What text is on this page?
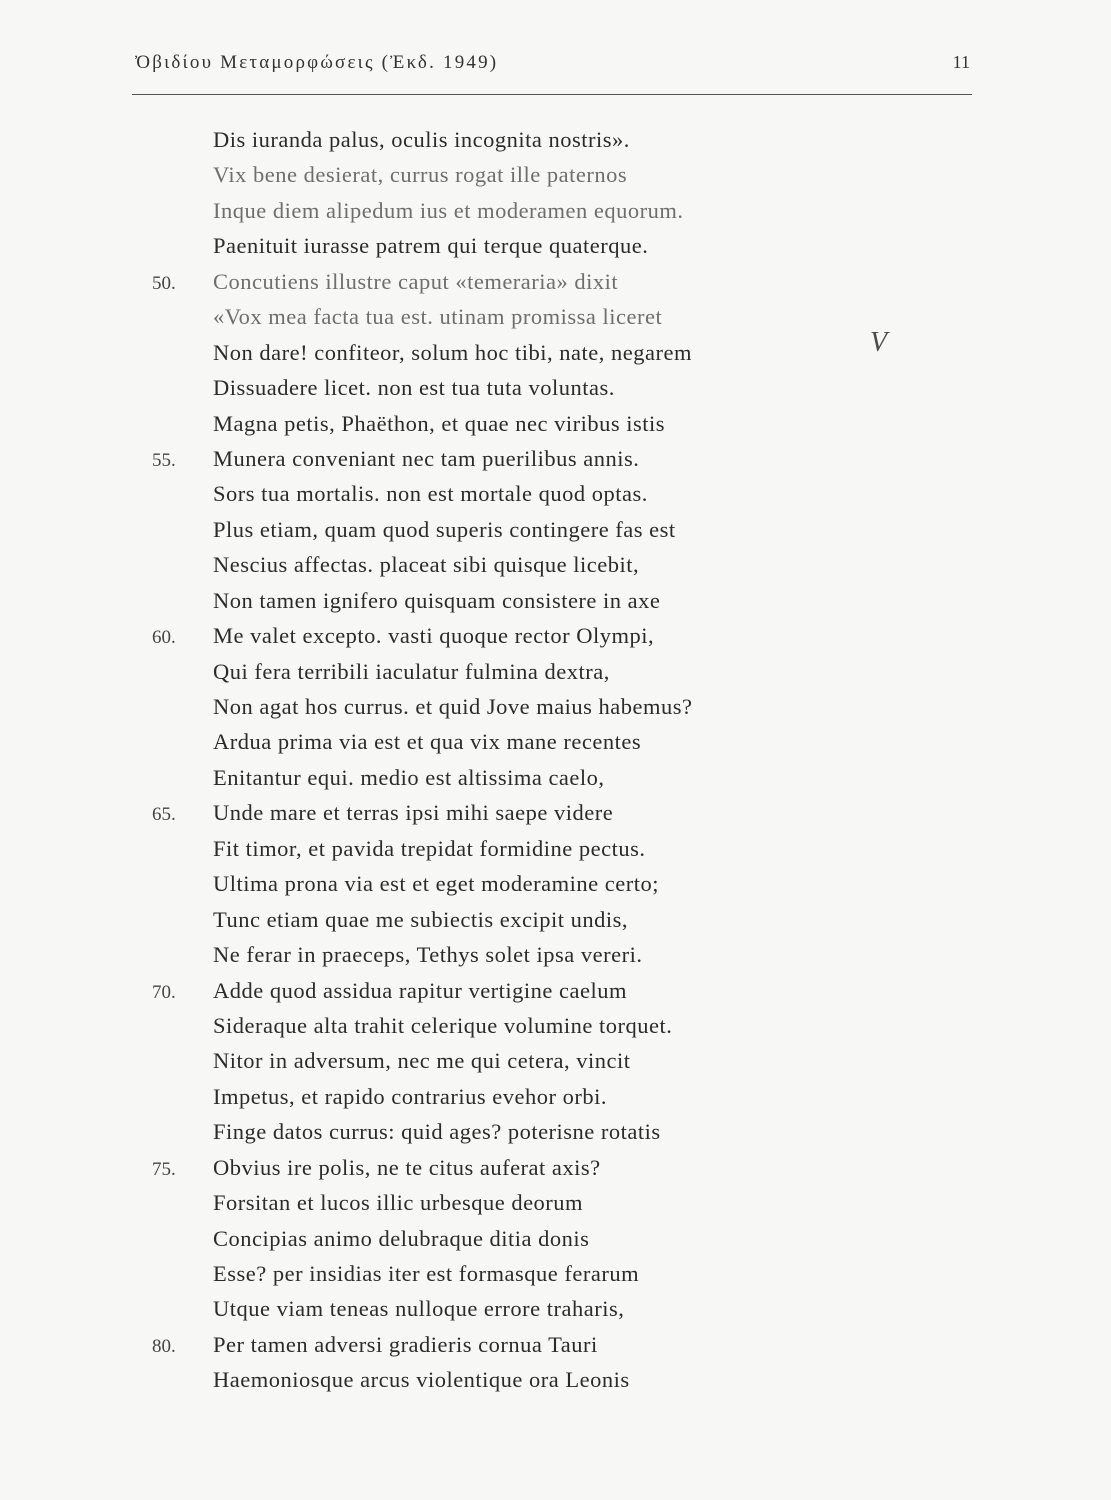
Ὀβιδίου Μεταμορφώσεις (Ἐκδ. 1949)	11
Dis iuranda palus, oculis incognita nostris».
Vix bene desierat, currus rogat ille paternos
Inque diem alipedum ius et moderamen equorum.
Paenituit iurasse patrem qui terque quaterque.
50. Concutiens illustre caput «temeraria» dixit
«Vox mea facta tua est. utinam promissa liceret
Non dare! confiteor, solum hoc tibi, nate, negarem
Dissuadere licet. non est tua tuta voluntas.
Magna petis, Phaëthon, et quae nec viribus istis
55. Munera conveniant nec tam puerilibus annis.
Sors tua mortalis. non est mortale quod optas.
Plus etiam, quam quod superis contingere fas est
Nescius affectas. placeat sibi quisque licebit,
Non tamen ignifero quisquam consistere in axe
60. Me valet excepto. vasti quoque rector Olympi,
Qui fera terribili iaculatur fulmina dextra,
Non agat hos currus. et quid Jove maius habemus?
Ardua prima via est et qua vix mane recentes
Enitantur equi. medio est altissima caelo,
65. Unde mare et terras ipsi mihi saepe videre
Fit timor, et pavida trepidat formidine pectus.
Ultima prona via est et eget moderamine certo;
Tunc etiam quae me subiectis excipit undis,
Ne ferar in praeceps, Tethys solet ipsa vereri.
70. Adde quod assidua rapitur vertigine caelum
Sideraque alta trahit celerique volumine torquet.
Nitor in adversum, nec me qui cetera, vincit
Impetus, et rapido contrarius evehor orbi.
Finge datos currus: quid ages? poterisne rotatis
75. Obvius ire polis, ne te citus auferat axis?
Forsitan et lucos illic urbesque deorum
Concipias animo delubraque ditia donis
Esse? per insidias iter est formasque ferarum
Utque viam teneas nulloque errore traharis,
80. Per tamen adversi gradieris cornua Tauri
Haemoniosque arcus violentique ora Leonis
V
